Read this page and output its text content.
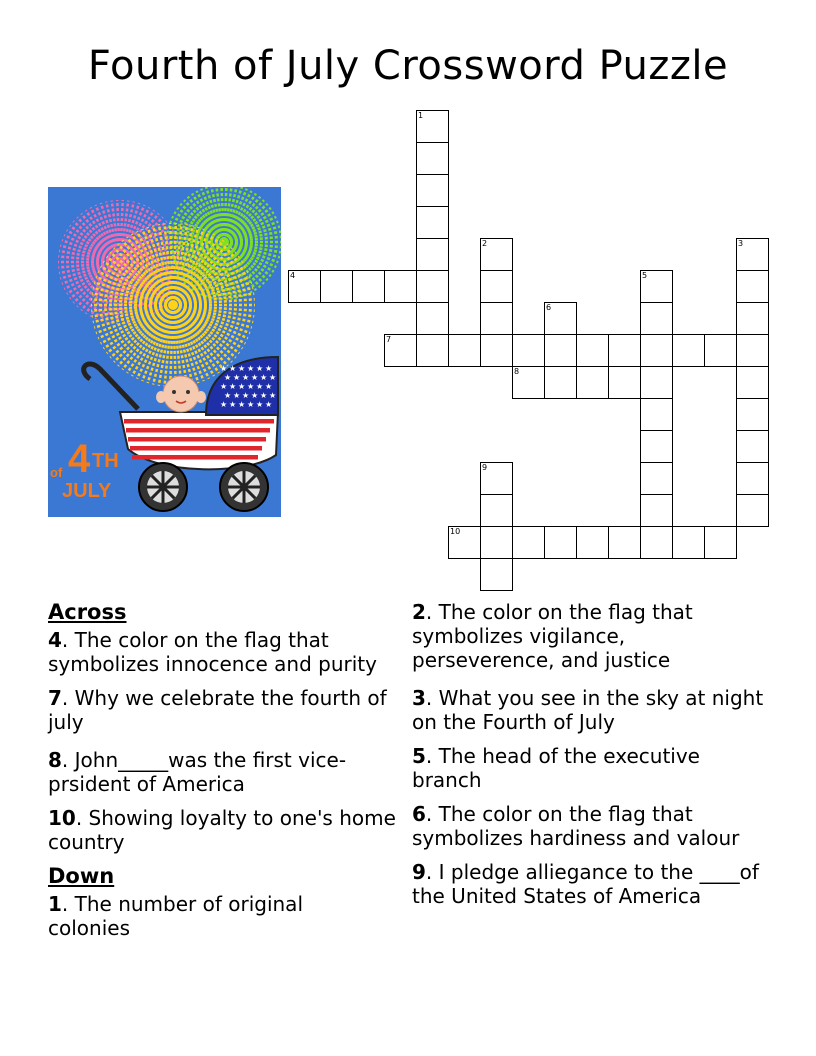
Fourth of July Crossword Puzzle
★ ★ ★ ★ ★ ★
★ ★ ★ ★ ★ ★
★ ★ ★ ★ ★ ★
★ ★ ★ ★ ★ ★
★ ★ ★ ★ ★ ★
4 TH
of
JULY
1
2	3
4	5
6
7
8
9
10
Across

4. The color on the flag that symbolizes innocence and purity

7. Why we celebrate the fourth of july

8. John_____was the first vice-prsident of America

10. Showing loyalty to one's home country

Down

1. The number of original colonies

2. The color on the flag that symbolizes vigilance, perseverence, and justice

3. What you see in the sky at night on the Fourth of July

5. The head of the executive branch

6. The color on the flag that symbolizes hardiness and valour

9. I pledge alliegance to the ____of the United States of America
